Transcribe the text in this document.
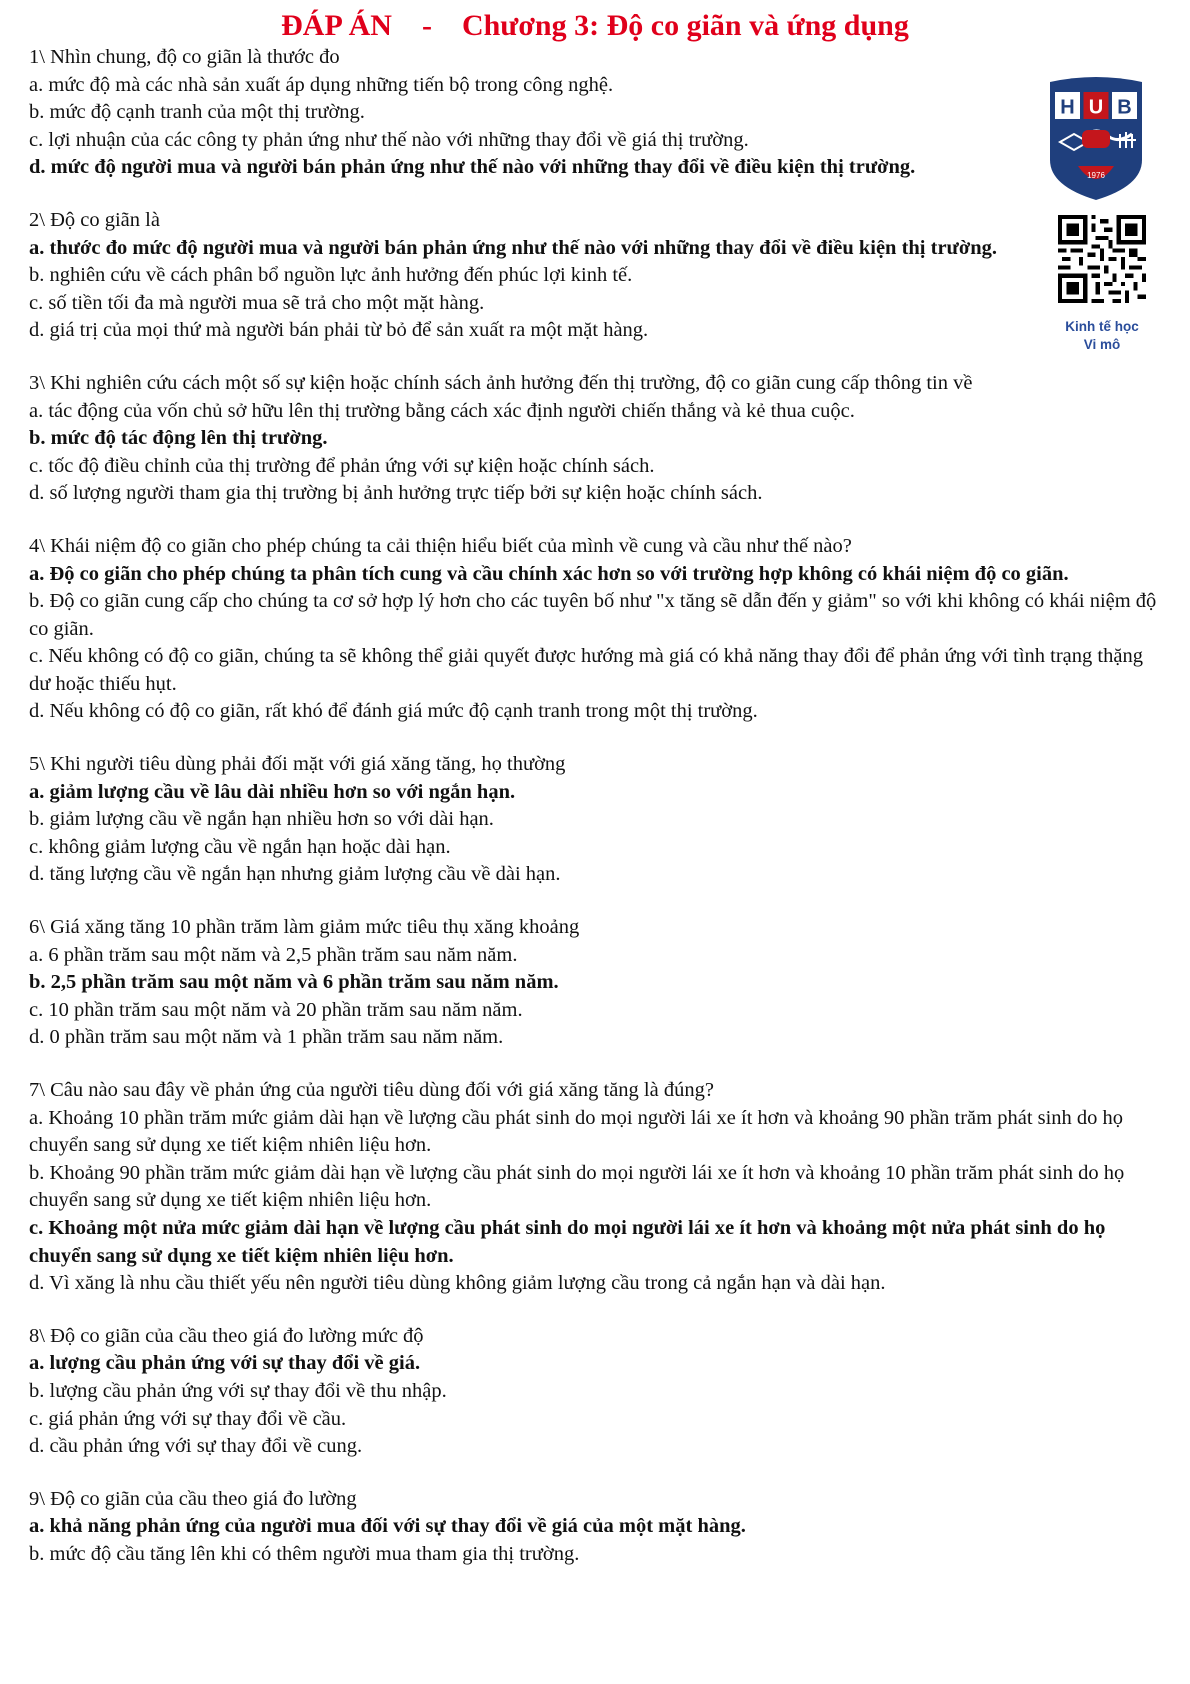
ĐÁP ÁN    -    Chương 3: Độ co giãn và ứng dụng
H U B
1976
Kinh tế học
Vi mô

1\ Nhìn chung, độ co giãn là thước đo

a. mức độ mà các nhà sản xuất áp dụng những tiến bộ trong công nghệ.

b. mức độ cạnh tranh của một thị trường.

c. lợi nhuận của các công ty phản ứng như thế nào với những thay đổi về giá thị trường.

d. mức độ người mua và người bán phản ứng như thế nào với những thay đổi về điều kiện thị trường.

2\ Độ co giãn là

a. thước đo mức độ người mua và người bán phản ứng như thế nào với những thay đổi về điều kiện thị trường.

b. nghiên cứu về cách phân bổ nguồn lực ảnh hưởng đến phúc lợi kinh tế.

c. số tiền tối đa mà người mua sẽ trả cho một mặt hàng.

d. giá trị của mọi thứ mà người bán phải từ bỏ để sản xuất ra một mặt hàng.

3\ Khi nghiên cứu cách một số sự kiện hoặc chính sách ảnh hưởng đến thị trường, độ co giãn cung cấp thông tin về

a. tác động của vốn chủ sở hữu lên thị trường bằng cách xác định người chiến thắng và kẻ thua cuộc.

b. mức độ tác động lên thị trường.

c. tốc độ điều chỉnh của thị trường để phản ứng với sự kiện hoặc chính sách.

d. số lượng người tham gia thị trường bị ảnh hưởng trực tiếp bởi sự kiện hoặc chính sách.

4\ Khái niệm độ co giãn cho phép chúng ta cải thiện hiểu biết của mình về cung và cầu như thế nào?

a. Độ co giãn cho phép chúng ta phân tích cung và cầu chính xác hơn so với trường hợp không có khái niệm độ co giãn.

b. Độ co giãn cung cấp cho chúng ta cơ sở hợp lý hơn cho các tuyên bố như "x tăng sẽ dẫn đến y giảm" so với khi không có khái niệm độ co giãn.

c. Nếu không có độ co giãn, chúng ta sẽ không thể giải quyết được hướng mà giá có khả năng thay đổi để phản ứng với tình trạng thặng dư hoặc thiếu hụt.

d. Nếu không có độ co giãn, rất khó để đánh giá mức độ cạnh tranh trong một thị trường.

5\ Khi người tiêu dùng phải đối mặt với giá xăng tăng, họ thường

a. giảm lượng cầu về lâu dài nhiều hơn so với ngắn hạn.

b. giảm lượng cầu về ngắn hạn nhiều hơn so với dài hạn.

c. không giảm lượng cầu về ngắn hạn hoặc dài hạn.

d. tăng lượng cầu về ngắn hạn nhưng giảm lượng cầu về dài hạn.

6\ Giá xăng tăng 10 phần trăm làm giảm mức tiêu thụ xăng khoảng

a. 6 phần trăm sau một năm và 2,5 phần trăm sau năm năm.

b. 2,5 phần trăm sau một năm và 6 phần trăm sau năm năm.

c. 10 phần trăm sau một năm và 20 phần trăm sau năm năm.

d. 0 phần trăm sau một năm và 1 phần trăm sau năm năm.

7\ Câu nào sau đây về phản ứng của người tiêu dùng đối với giá xăng tăng là đúng?

a. Khoảng 10 phần trăm mức giảm dài hạn về lượng cầu phát sinh do mọi người lái xe ít hơn và khoảng 90 phần trăm phát sinh do họ chuyển sang sử dụng xe tiết kiệm nhiên liệu hơn.

b. Khoảng 90 phần trăm mức giảm dài hạn về lượng cầu phát sinh do mọi người lái xe ít hơn và khoảng 10 phần trăm phát sinh do họ chuyển sang sử dụng xe tiết kiệm nhiên liệu hơn.

c. Khoảng một nửa mức giảm dài hạn về lượng cầu phát sinh do mọi người lái xe ít hơn và khoảng một nửa phát sinh do họ chuyển sang sử dụng xe tiết kiệm nhiên liệu hơn.

d. Vì xăng là nhu cầu thiết yếu nên người tiêu dùng không giảm lượng cầu trong cả ngắn hạn và dài hạn.

8\ Độ co giãn của cầu theo giá đo lường mức độ

a. lượng cầu phản ứng với sự thay đổi về giá.

b. lượng cầu phản ứng với sự thay đổi về thu nhập.

c. giá phản ứng với sự thay đổi về cầu.

d. cầu phản ứng với sự thay đổi về cung.

9\ Độ co giãn của cầu theo giá đo lường

a. khả năng phản ứng của người mua đối với sự thay đổi về giá của một mặt hàng.

b. mức độ cầu tăng lên khi có thêm người mua tham gia thị trường.
